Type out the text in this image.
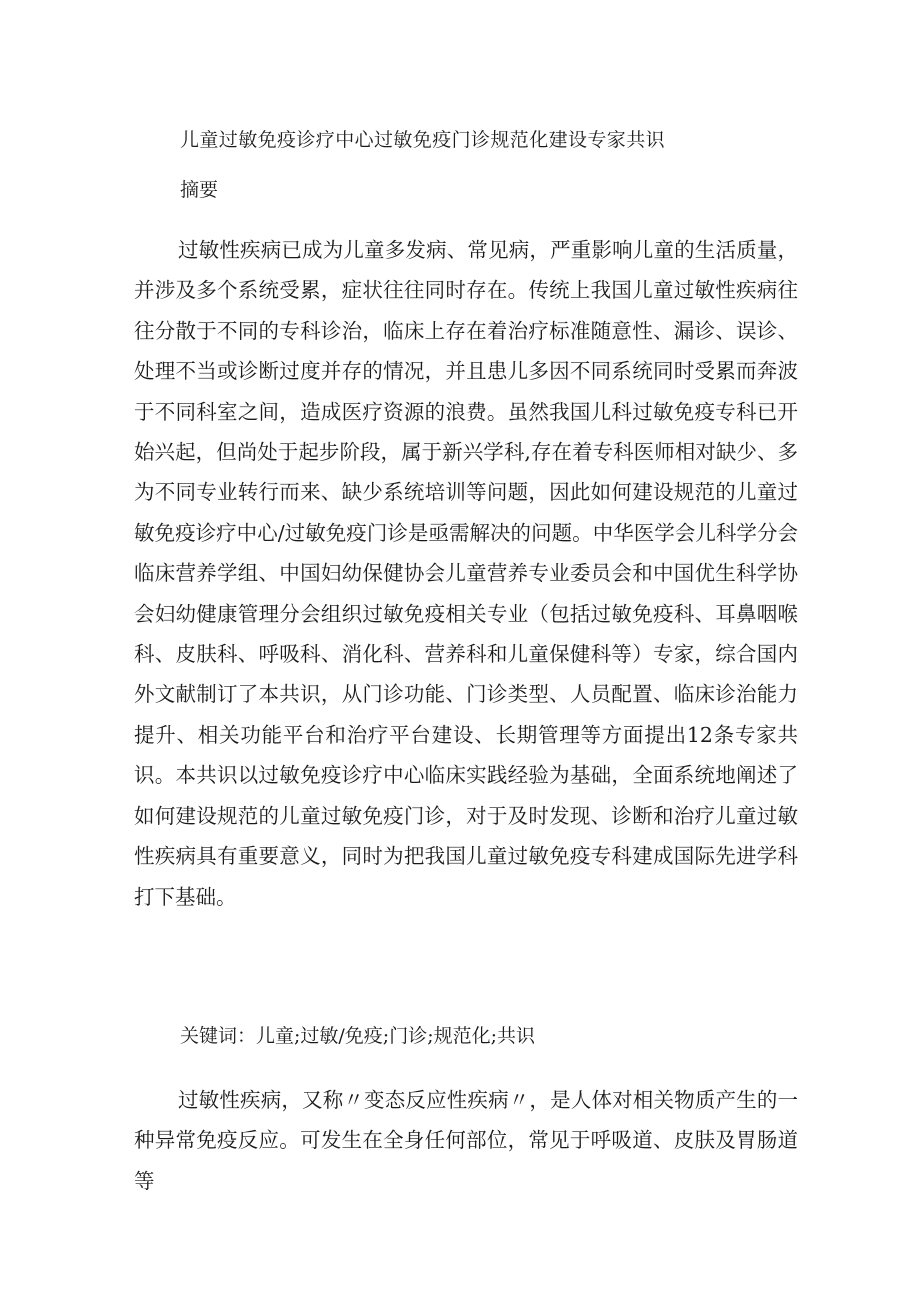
儿童过敏免疫诊疗中心过敏免疫门诊规范化建设专家共识
摘要

过敏性疾病已成为儿童多发病、常见病，严重影响儿童的生活质量，并涉及多个系统受累，症状往往同时存在。传统上我国儿童过敏性疾病往往分散于不同的专科诊治，临床上存在着治疗标准随意性、漏诊、误诊、处理不当或诊断过度并存的情况，并且患儿多因不同系统同时受累而奔波于不同科室之间，造成医疗资源的浪费。虽然我国儿科过敏免疫专科已开始兴起，但尚处于起步阶段，属于新兴学科,存在着专科医师相对缺少、多为不同专业转行而来、缺少系统培训等问题，因此如何建设规范的儿童过敏免疫诊疗中心/过敏免疫门诊是亟需解决的问题。中华医学会儿科学分会临床营养学组、中国妇幼保健协会儿童营养专业委员会和中国优生科学协会妇幼健康管理分会组织过敏免疫相关专业（包括过敏免疫科、耳鼻咽喉科、皮肤科、呼吸科、消化科、营养科和儿童保健科等）专家，综合国内外文献制订了本共识，从门诊功能、门诊类型、人员配置、临床诊治能力提升、相关功能平台和治疗平台建设、长期管理等方面提出12条专家共识。本共识以过敏免疫诊疗中心临床实践经验为基础，全面系统地阐述了如何建设规范的儿童过敏免疫门诊，对于及时发现、诊断和治疗儿童过敏性疾病具有重要意义，同时为把我国儿童过敏免疫专科建成国际先进学科打下基础。

关键词：儿童;过敏/免疫;门诊;规范化;共识

过敏性疾病，又称〃变态反应性疾病〃，是人体对相关物质产生的一种异常免疫反应。可发生在全身任何部位，常见于呼吸道、皮肤及胃肠道等
